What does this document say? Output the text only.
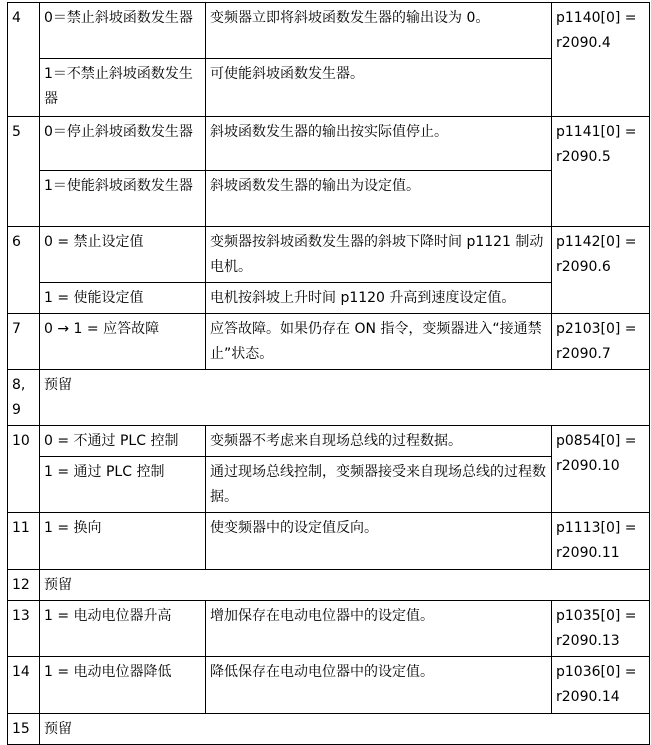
4	0＝禁止斜坡函数发生器	变频器立即将斜坡函数发生器的输出设为 0。	p1140[0] =
r2090.4
	1＝不禁止斜坡函数发生器	可使能斜坡函数发生器。	
5	0＝停止斜坡函数发生器	斜坡函数发生器的输出按实际值停止。	p1141[0] =
r2090.5
	1＝使能斜坡函数发生器	斜坡函数发生器的输出为设定值。	
6	0 = 禁止设定值	变频器按斜坡函数发生器的斜坡下降时间 p1121 制动电机。	p1142[0] =
r2090.6
	1 = 使能设定值	电机按斜坡上升时间 p1120 升高到速度设定值。	
7	0 → 1 = 应答故障	应答故障。如果仍存在 ON 指令，变频器进入“接通禁止”状态。	p2103[0] =
r2090.7
8, 9	预留		
10	0 = 不通过 PLC 控制	变频器不考虑来自现场总线的过程数据。	p0854[0] =
r2090.10
	1 = 通过 PLC 控制	通过现场总线控制，变频器接受来自现场总线的过程数据。	
11	1 = 换向	使变频器中的设定值反向。	p1113[0] =
r2090.11
12	预留		
13	1 = 电动电位器升高	增加保存在电动电位器中的设定值。	p1035[0] =
r2090.13
14	1 = 电动电位器降低	降低保存在电动电位器中的设定值。	p1036[0] =
r2090.14
15	预留		
